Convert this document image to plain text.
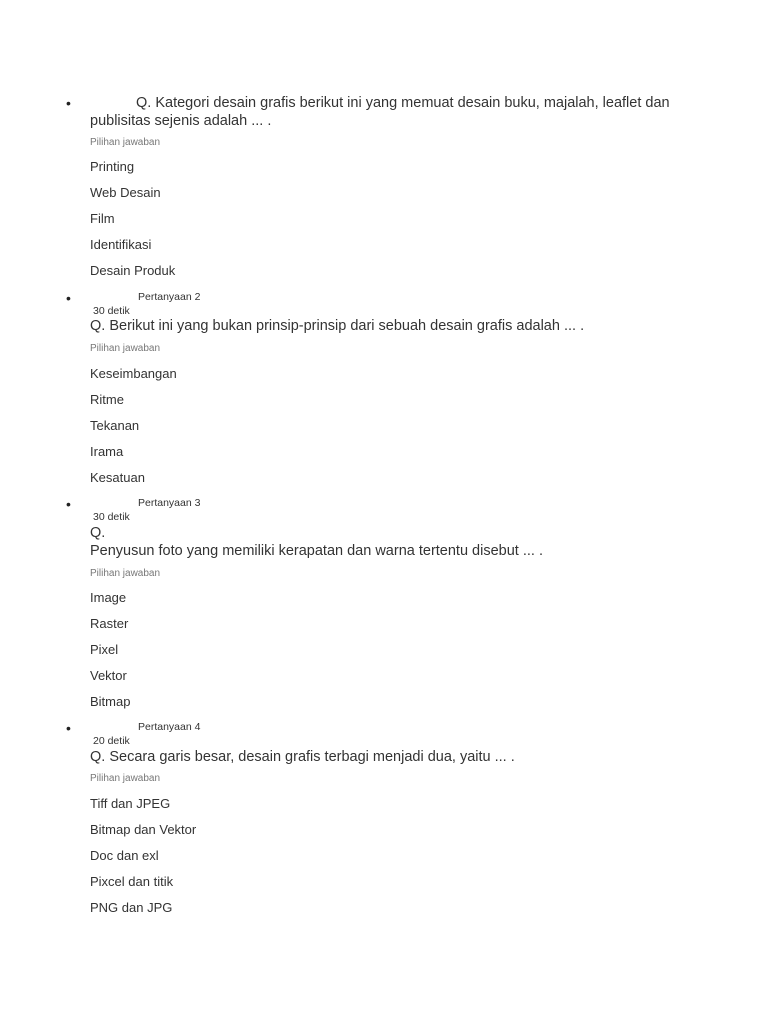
•	Q. Kategori desain grafis berikut ini yang memuat desain buku, majalah, leaflet dan publisitas sejenis adalah ... .
Pilihan jawaban
Printing
Web Desain
Film
Identifikasi
Desain Produk
•	Pertanyaan 2
30 detik
Q. Berikut ini yang bukan prinsip-prinsip dari sebuah desain grafis adalah ... .
Pilihan jawaban
Keseimbangan
Ritme
Tekanan
Irama
Kesatuan
•	Pertanyaan 3
30 detik
Q.
Penyusun foto yang memiliki kerapatan dan warna tertentu disebut ... .
Pilihan jawaban
Image
Raster
Pixel
Vektor
Bitmap
•	Pertanyaan 4
20 detik
Q. Secara garis besar, desain grafis terbagi menjadi dua, yaitu ... .
Pilihan jawaban
Tiff dan JPEG
Bitmap dan Vektor
Doc dan exl
Pixcel dan titik
PNG dan JPG
